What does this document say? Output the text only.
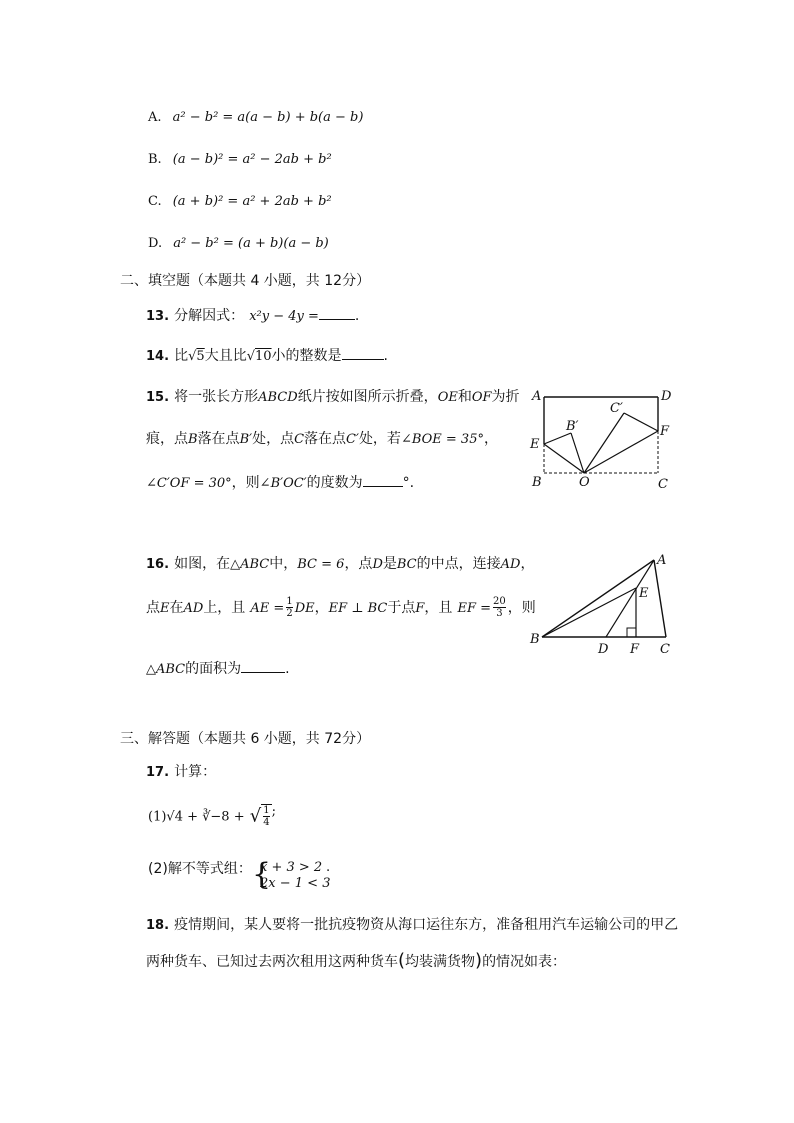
A. a² − b² = a(a − b) + b(a − b)
B. (a − b)² = a² − 2ab + b²
C. (a + b)² = a² + 2ab + b²
D. a² − b² = (a + b)(a − b)
二、填空题（本题共 4 小题，共 12分）
13. 分解因式： x²y − 4y =	.
14. 比√5大且比√10小的整数是	.
15. 将一张长方形ABCD纸片按如图所示折叠，OE和OF为折
痕，点B落在点B′处，点C落在点C′处，若∠BOE = 35°，
∠C′OF = 30°，则∠B′OC′的度数为	°.
A	D
E
F
B	O	C
B′
C′
16. 如图，在△ABC中，BC = 6，点D是BC的中点，连接AD，
点E在AD上，且 AE = $\frac{1}{2}$ DE，EF ⊥ BC于点F，且 EF = $\frac{20}{3}$ ，则
△ABC的面积为	.
A
E
B
D F C
三、解答题（本题共 6 小题，共 72分）
17. 计算：
(1)√4 + ∛−8 + √ $\frac{1}{4} ^;$
(2)解不等式组： {
x + 3 > 2
2x − 1 < 3
.
18. 疫情期间，某人要将一批抗疫物资从海口运往东方，准备租用汽车运输公司的甲乙
两种货车、已知过去两次租用这两种货车(均装满货物)的情况如表：
